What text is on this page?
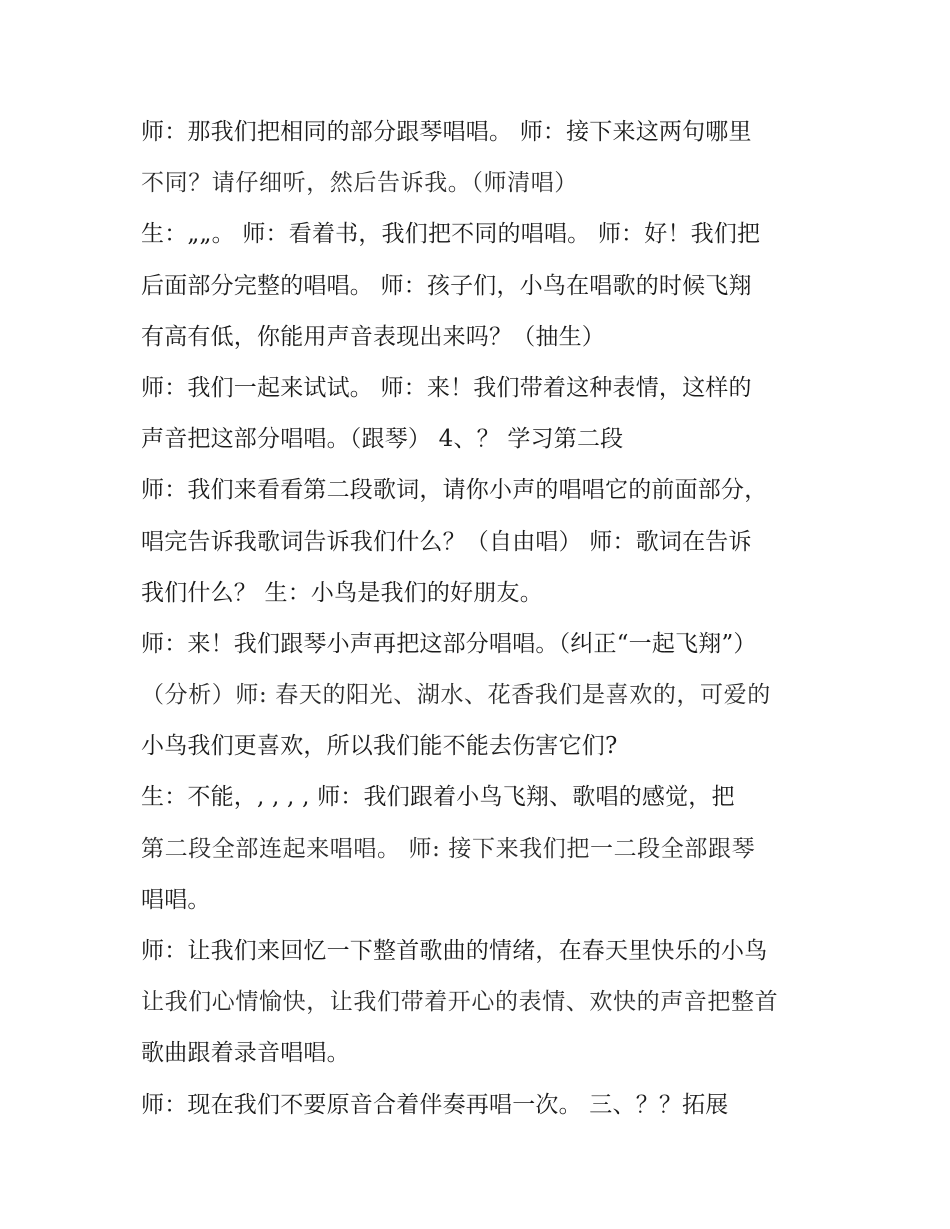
师：那我们把相同的部分跟琴唱唱。 师：接下来这两句哪里
不同？请仔细听，然后告诉我。（师清唱）
生：„„。 师：看着书，我们把不同的唱唱。 师：好！我们把
后面部分完整的唱唱。 师：孩子们，小鸟在唱歌的时候飞翔
有高有低，你能用声音表现出来吗？（抽生）
师：我们一起来试试。 师：来！我们带着这种表情，这样的
声音把这部分唱唱。（跟琴） 4、？ 学习第二段
师：我们来看看第二段歌词，请你小声的唱唱它的前面部分，
唱完告诉我歌词告诉我们什么？（自由唱） 师：歌词在告诉
我们什么？ 生：小鸟是我们的好朋友。
师：来！我们跟琴小声再把这部分唱唱。（纠正“一起飞翔”）
（分析）师: 春天的阳光、湖水、花香我们是喜欢的，可爱的
小鸟我们更喜欢，所以我们能不能去伤害它们?
生：不能，, , , , 师：我们跟着小鸟飞翔、歌唱的感觉，把
第二段全部连起来唱唱。 师: 接下来我们把一二段全部跟琴
唱唱。
师：让我们来回忆一下整首歌曲的情绪，在春天里快乐的小鸟
让我们心情愉快，让我们带着开心的表情、欢快的声音把整首
歌曲跟着录音唱唱。
师：现在我们不要原音合着伴奏再唱一次。 三、？？拓展
